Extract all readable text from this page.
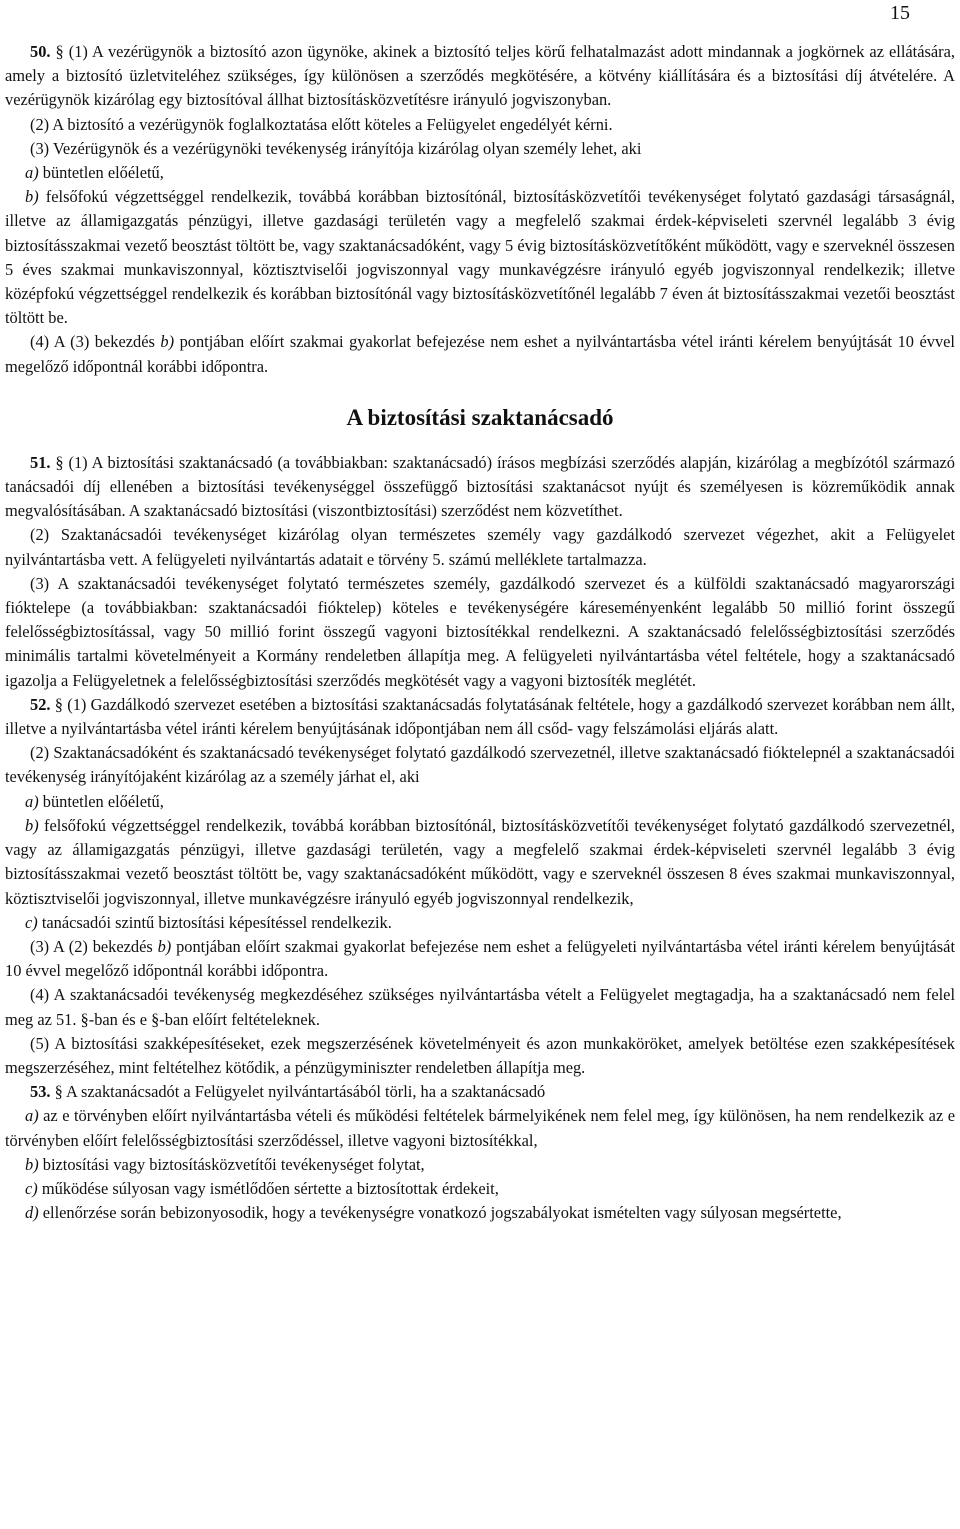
15

50. § (1) A vezérügynök a biztosító azon ügynöke, akinek a biztosító teljes körű felhatalmazást adott mindannak a jogkörnek az ellátására, amely a biztosító üzletviteléhez szükséges, így különösen a szerződés megkötésére, a kötvény kiállítására és a biztosítási díj átvételére. A vezérügynök kizárólag egy biztosítóval állhat biztosításközvetítésre irányuló jogviszonyban.

(2) A biztosító a vezérügynök foglalkoztatása előtt köteles a Felügyelet engedélyét kérni.

(3) Vezérügynök és a vezérügynöki tevékenység irányítója kizárólag olyan személy lehet, aki

a) büntetlen előéletű,

b) felsőfokú végzettséggel rendelkezik, továbbá korábban biztosítónál, biztosításközvetítői tevékenységet folytató gazdasági társaságnál, illetve az államigazgatás pénzügyi, illetve gazdasági területén vagy a megfelelő szakmai érdek-képviseleti szervnél legalább 3 évig biztosításszakmai vezető beosztást töltött be, vagy szaktanácsadóként, vagy 5 évig biztosításközvetítőként működött, vagy e szerveknél összesen 5 éves szakmai munkaviszonnyal, köztisztviselői jogviszonnyal vagy munkavégzésre irányuló egyéb jogviszonnyal rendelkezik; illetve középfokú végzettséggel rendelkezik és korábban biztosítónál vagy biztosításközvetítőnél legalább 7 éven át biztosításszakmai vezetői beosztást töltött be.

(4) A (3) bekezdés b) pontjában előírt szakmai gyakorlat befejezése nem eshet a nyilvántartásba vétel iránti kérelem benyújtását 10 évvel megelőző időpontnál korábbi időpontra.

A biztosítási szaktanácsadó

51. § (1) A biztosítási szaktanácsadó (a továbbiakban: szaktanácsadó) írásos megbízási szerződés alapján, kizárólag a megbízótól származó tanácsadói díj ellenében a biztosítási tevékenységgel összefüggő biztosítási szaktanácsot nyújt és személyesen is közreműködik annak megvalósításában. A szaktanácsadó biztosítási (viszontbiztosítási) szerződést nem közvetíthet.

(2) Szaktanácsadói tevékenységet kizárólag olyan természetes személy vagy gazdálkodó szervezet végezhet, akit a Felügyelet nyilvántartásba vett. A felügyeleti nyilvántartás adatait e törvény 5. számú melléklete tartalmazza.

(3) A szaktanácsadói tevékenységet folytató természetes személy, gazdálkodó szervezet és a külföldi szaktanácsadó magyarországi fióktelepe (a továbbiakban: szaktanácsadói fióktelep) köteles e tevékenységére káreseményenként legalább 50 millió forint összegű felelősségbiztosítással, vagy 50 millió forint összegű vagyoni biztosítékkal rendelkezni. A szaktanácsadó felelősségbiztosítási szerződés minimális tartalmi követelményeit a Kormány rendeletben állapítja meg. A felügyeleti nyilvántartásba vétel feltétele, hogy a szaktanácsadó igazolja a Felügyeletnek a felelősségbiztosítási szerződés megkötését vagy a vagyoni biztosíték meglétét.

52. § (1) Gazdálkodó szervezet esetében a biztosítási szaktanácsadás folytatásának feltétele, hogy a gazdálkodó szervezet korábban nem állt, illetve a nyilvántartásba vétel iránti kérelem benyújtásának időpontjában nem áll csőd- vagy felszámolási eljárás alatt.

(2) Szaktanácsadóként és szaktanácsadó tevékenységet folytató gazdálkodó szervezetnél, illetve szaktanácsadó fióktelepnél a szaktanácsadói tevékenység irányítójaként kizárólag az a személy járhat el, aki

a) büntetlen előéletű,

b) felsőfokú végzettséggel rendelkezik, továbbá korábban biztosítónál, biztosításközvetítői tevékenységet folytató gazdálkodó szervezetnél, vagy az államigazgatás pénzügyi, illetve gazdasági területén, vagy a megfelelő szakmai érdek-képviseleti szervnél legalább 3 évig biztosításszakmai vezető beosztást töltött be, vagy szaktanácsadóként működött, vagy e szerveknél összesen 8 éves szakmai munkaviszonnyal, köztisztviselői jogviszonnyal, illetve munkavégzésre irányuló egyéb jogviszonnyal rendelkezik,

c) tanácsadói szintű biztosítási képesítéssel rendelkezik.

(3) A (2) bekezdés b) pontjában előírt szakmai gyakorlat befejezése nem eshet a felügyeleti nyilvántartásba vétel iránti kérelem benyújtását 10 évvel megelőző időpontnál korábbi időpontra.

(4) A szaktanácsadói tevékenység megkezdéséhez szükséges nyilvántartásba vételt a Felügyelet megtagadja, ha a szaktanácsadó nem felel meg az 51. §-ban és e §-ban előírt feltételeknek.

(5) A biztosítási szakképesítéseket, ezek megszerzésének követelményeit és azon munkaköröket, amelyek betöltése ezen szakképesítések megszerzéséhez, mint feltételhez kötődik, a pénzügyminiszter rendeletben állapítja meg.

53. § A szaktanácsadót a Felügyelet nyilvántartásából törli, ha a szaktanácsadó

a) az e törvényben előírt nyilvántartásba vételi és működési feltételek bármelyikének nem felel meg, így különösen, ha nem rendelkezik az e törvényben előírt felelősségbiztosítási szerződéssel, illetve vagyoni biztosítékkal,

b) biztosítási vagy biztosításközvetítői tevékenységet folytat,

c) működése súlyosan vagy ismétlődően sértette a biztosítottak érdekeit,

d) ellenőrzése során bebizonyosodik, hogy a tevékenységre vonatkozó jogszabályokat ismételten vagy súlyosan megsértette,
